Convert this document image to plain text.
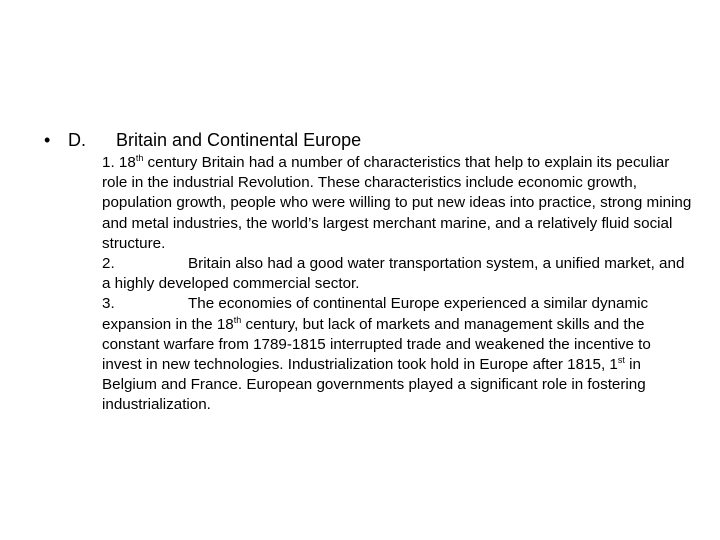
• D. Britain and Continental Europe

1. 18th century Britain had a number of characteristics that help to explain its peculiar role in the industrial Revolution. These characteristics include economic growth, population growth, people who were willing to put new ideas into practice, strong mining and metal industries, the world’s largest merchant marine, and a relatively fluid social structure.

2.	Britain also had a good water transportation system, a unified market, and a highly developed commercial sector.

3.	The economies of continental Europe experienced a similar dynamic expansion in the 18th century, but lack of markets and management skills and the constant warfare from 1789-1815 interrupted trade and weakened the incentive to invest in new technologies. Industrialization took hold in Europe after 1815, 1st in Belgium and France. European governments played a significant role in fostering industrialization.
